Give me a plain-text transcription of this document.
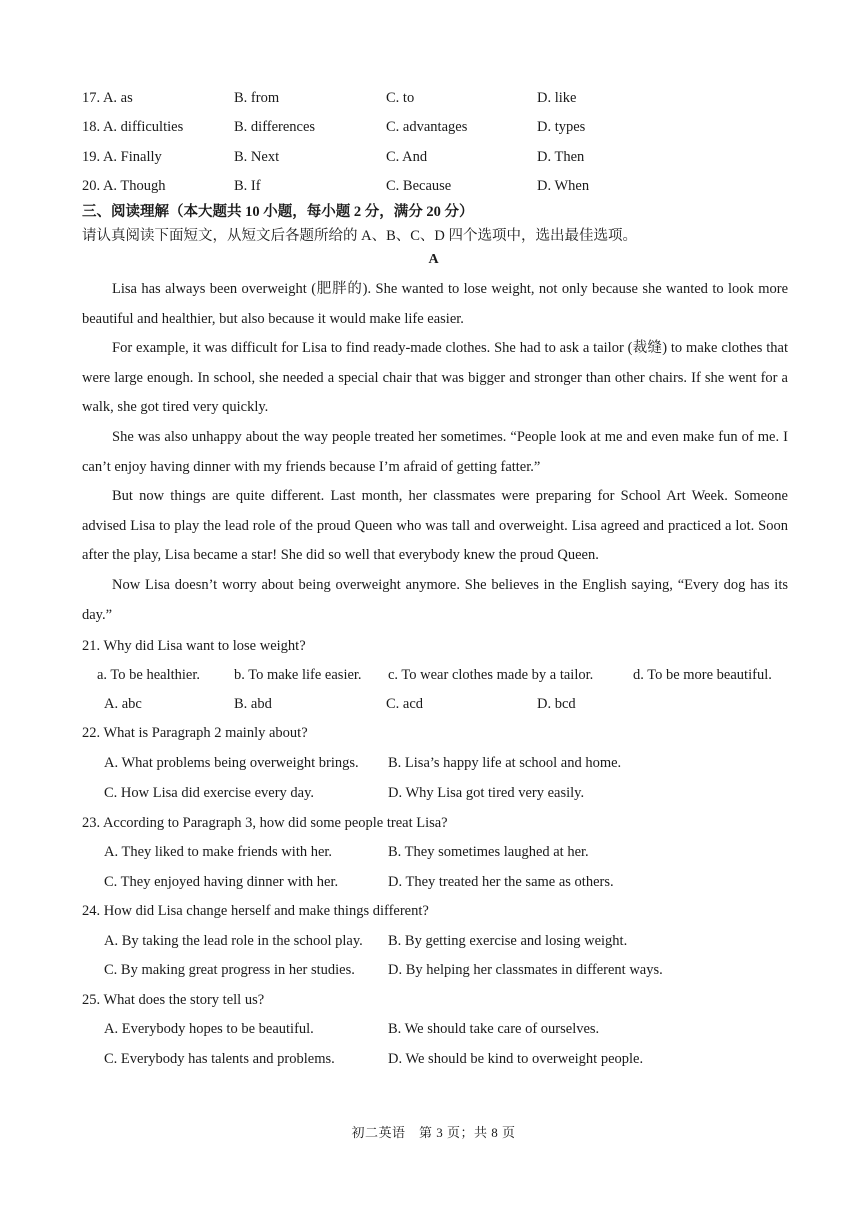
17. A. as	B. from	C. to	D. like
18. A. difficulties	B. differences	C. advantages	D. types
19. A. Finally	B. Next	C. And	D. Then
20. A. Though	B. If	C. Because	D. When
三、阅读理解（本大题共 10 小题，每小题 2 分，满分 20 分）
请认真阅读下面短文，从短文后各题所给的 A、B、C、D 四个选项中，选出最佳选项。
A

Lisa has always been overweight (肥胖的). She wanted to lose weight, not only because she wanted to look more beautiful and healthier, but also because it would make life easier.

For example, it was difficult for Lisa to find ready-made clothes. She had to ask a tailor (裁缝) to make clothes that were large enough. In school, she needed a special chair that was bigger and stronger than other chairs. If she went for a walk, she got tired very quickly.

She was also unhappy about the way people treated her sometimes. “People look at me and even make fun of me. I can’t enjoy having dinner with my friends because I’m afraid of getting fatter.”

But now things are quite different. Last month, her classmates were preparing for School Art Week. Someone advised Lisa to play the lead role of the proud Queen who was tall and overweight. Lisa agreed and practiced a lot. Soon after the play, Lisa became a star! She did so well that everybody knew the proud Queen.

Now Lisa doesn’t worry about being overweight anymore. She believes in the English saying, “Every dog has its day.”

21. Why did Lisa want to lose weight?
a. To be healthier. b. To make life easier. c. To wear clothes made by a tailor.	d. To be more beautiful.
A. abc	B. abd	C. acd	D. bcd
22. What is Paragraph 2 mainly about?
A. What problems being overweight brings. B. Lisa’s happy life at school and home.
C. How Lisa did exercise every day.	D. Why Lisa got tired very easily.
23. According to Paragraph 3, how did some people treat Lisa?
A. They liked to make friends with her.	B. They sometimes laughed at her.
C. They enjoyed having dinner with her.	D. They treated her the same as others.
24. How did Lisa change herself and make things different?
A. By taking the lead role in the school play. B. By getting exercise and losing weight.
C. By making great progress in her studies. D. By helping her classmates in different ways.
25. What does the story tell us?
A. Everybody hopes to be beautiful.	B. We should take care of ourselves.
C. Everybody has talents and problems.	D. We should be kind to overweight people.
初二英语　第 3 页；共 8 页
